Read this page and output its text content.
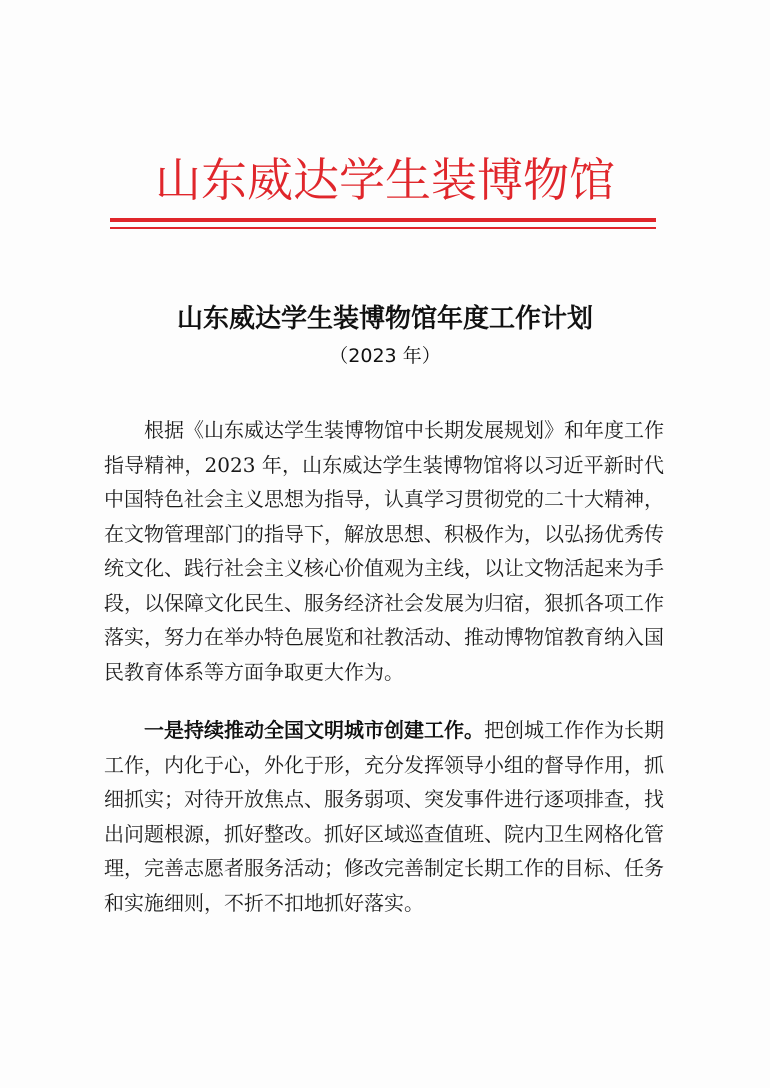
山东威达学生装博物馆
山东威达学生装博物馆年度工作计划
（2023 年）
根据《山东威达学生装博物馆中长期发展规划》和年度工作指导精神，2023 年，山东威达学生装博物馆将以习近平新时代中国特色社会主义思想为指导，认真学习贯彻党的二十大精神，在文物管理部门的指导下，解放思想、积极作为，以弘扬优秀传统文化、践行社会主义核心价值观为主线，以让文物活起来为手段，以保障文化民生、服务经济社会发展为归宿，狠抓各项工作落实，努力在举办特色展览和社教活动、推动博物馆教育纳入国民教育体系等方面争取更大作为。
一是持续推动全国文明城市创建工作。把创城工作作为长期工作，内化于心，外化于形，充分发挥领导小组的督导作用，抓细抓实；对待开放焦点、服务弱项、突发事件进行逐项排查，找出问题根源，抓好整改。抓好区域巡查值班、院内卫生网格化管理，完善志愿者服务活动；修改完善制定长期工作的目标、任务和实施细则，不折不扣地抓好落实。
